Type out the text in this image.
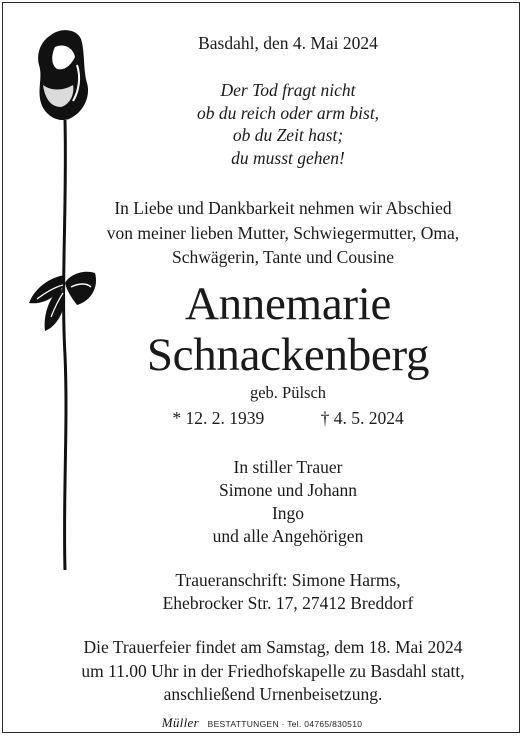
Basdahl, den 4. Mai 2024
Der Tod fragt nicht
ob du reich oder arm bist,
ob du Zeit hast;
du musst gehen!
In Liebe und Dankbarkeit nehmen wir Abschied
von meiner lieben Mutter, Schwiegermutter, Oma,
Schwägerin, Tante und Cousine
Annemarie
Schnackenberg
geb. Pülsch
* 12. 2. 1939	† 4. 5. 2024
In stiller Trauer
Simone und Johann
Ingo
und alle Angehörigen
Traueranschrift: Simone Harms,
Ehebrocker Str. 17, 27412 Breddorf
Die Trauerfeier findet am Samstag, dem 18. Mai 2024
um 11.00 Uhr in der Friedhofskapelle zu Basdahl statt,
anschließend Urnenbeisetzung.
Müller BESTATTUNGEN · Tel. 04765/830510
